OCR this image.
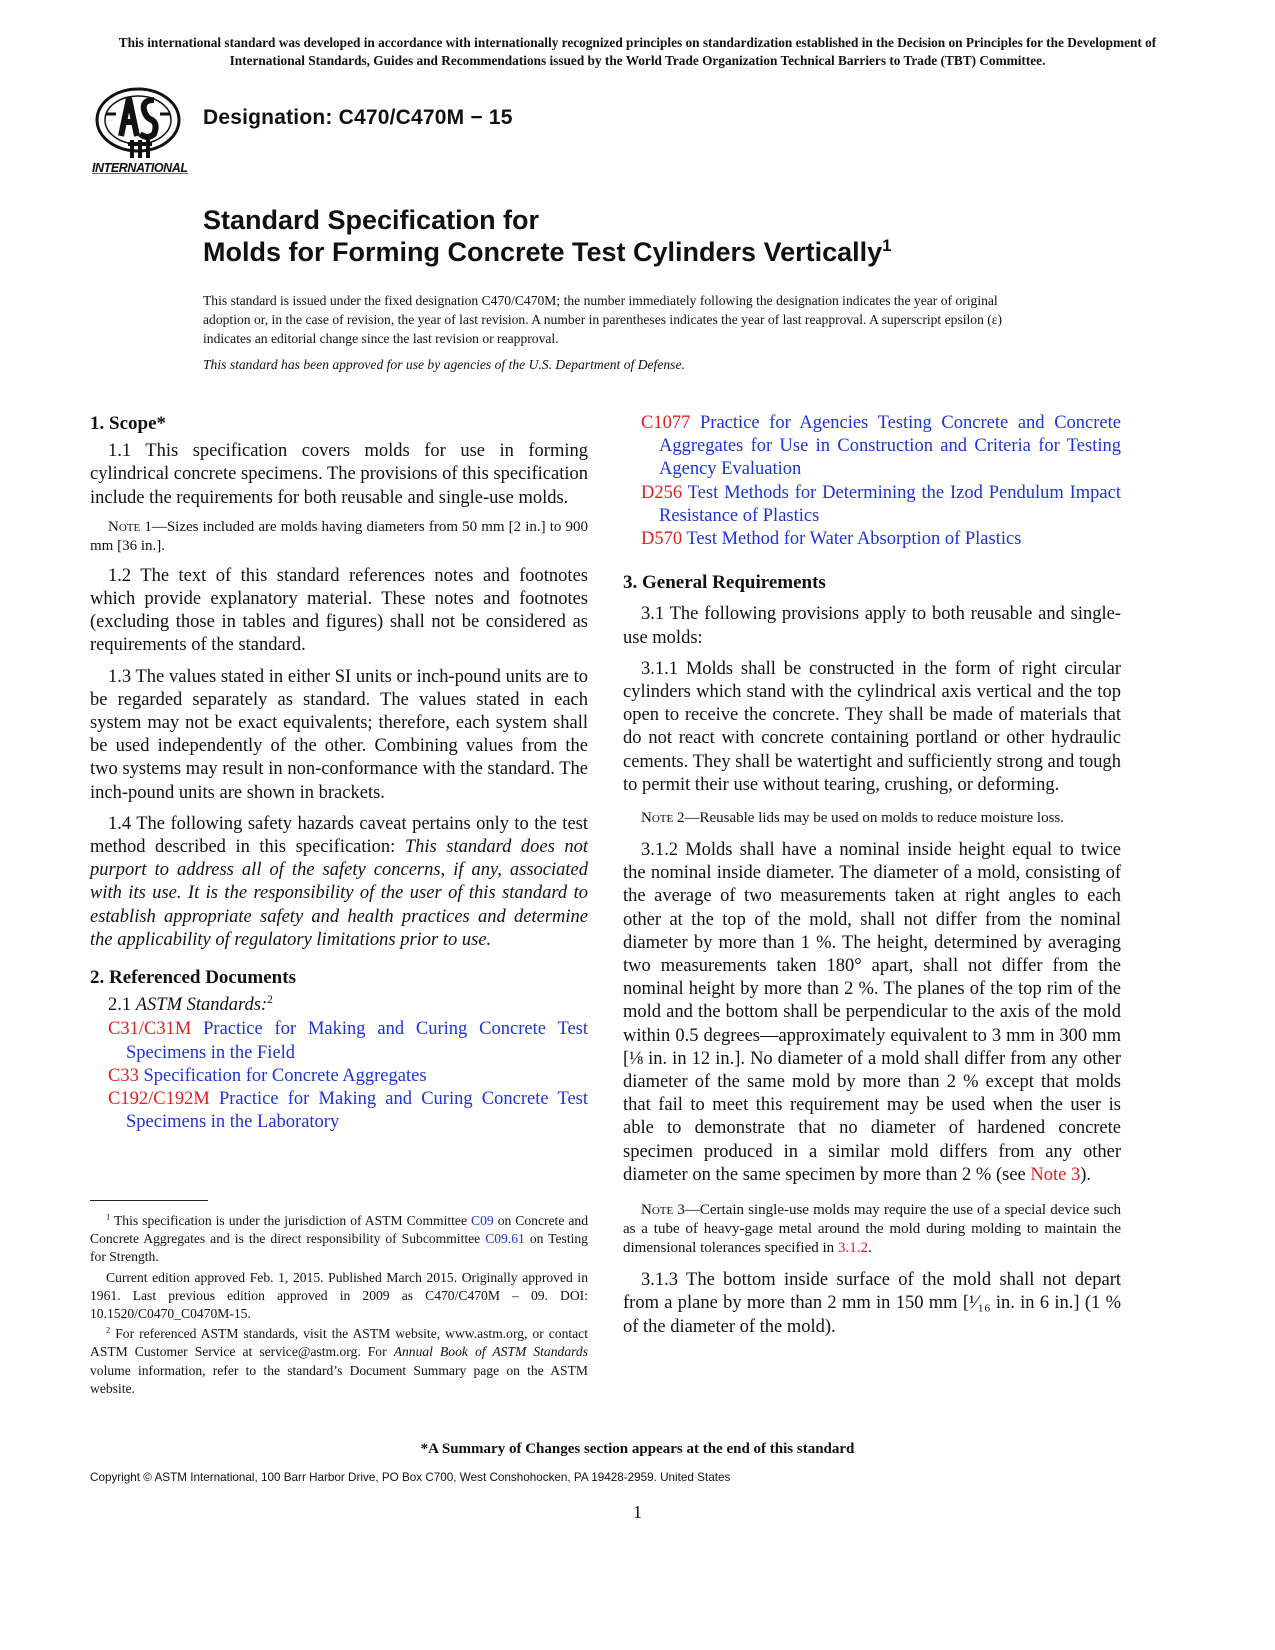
This international standard was developed in accordance with internationally recognized principles on standardization established in the Decision on Principles for the Development of International Standards, Guides and Recommendations issued by the World Trade Organization Technical Barriers to Trade (TBT) Committee.
INTERNATIONAL
Designation: C470/C470M − 15
Standard Specification for
Molds for Forming Concrete Test Cylinders Vertically$^1$
This standard is issued under the fixed designation C470/C470M; the number immediately following the designation indicates the year of original adoption or, in the case of revision, the year of last revision. A number in parentheses indicates the year of last reapproval. A superscript epsilon (ε) indicates an editorial change since the last revision or reapproval.
This standard has been approved for use by agencies of the U.S. Department of Defense.
1. Scope*

1.1 This specification covers molds for use in forming cylindrical concrete specimens. The provisions of this specification include the requirements for both reusable and single-use molds.

Note 1—Sizes included are molds having diameters from 50 mm [2 in.] to 900 mm [36 in.].

1.2 The text of this standard references notes and footnotes which provide explanatory material. These notes and footnotes (excluding those in tables and figures) shall not be considered as requirements of the standard.

1.3 The values stated in either SI units or inch-pound units are to be regarded separately as standard. The values stated in each system may not be exact equivalents; therefore, each system shall be used independently of the other. Combining values from the two systems may result in non-conformance with the standard. The inch-pound units are shown in brackets.

1.4 The following safety hazards caveat pertains only to the test method described in this specification: This standard does not purport to address all of the safety concerns, if any, associated with its use. It is the responsibility of the user of this standard to establish appropriate safety and health practices and determine the applicability of regulatory limitations prior to use.

2. Referenced Documents

2.1 ASTM Standards:$^2$

C31/C31M Practice for Making and Curing Concrete Test Specimens in the Field

C33 Specification for Concrete Aggregates

C192/C192M Practice for Making and Curing Concrete Test Specimens in the Laboratory

C1077 Practice for Agencies Testing Concrete and Concrete Aggregates for Use in Construction and Criteria for Testing Agency Evaluation

D256 Test Methods for Determining the Izod Pendulum Impact Resistance of Plastics

D570 Test Method for Water Absorption of Plastics

3. General Requirements

3.1 The following provisions apply to both reusable and single-use molds:

3.1.1 Molds shall be constructed in the form of right circular cylinders which stand with the cylindrical axis vertical and the top open to receive the concrete. They shall be made of materials that do not react with concrete containing portland or other hydraulic cements. They shall be watertight and sufficiently strong and tough to permit their use without tearing, crushing, or deforming.

Note 2—Reusable lids may be used on molds to reduce moisture loss.

3.1.2 Molds shall have a nominal inside height equal to twice the nominal inside diameter. The diameter of a mold, consisting of the average of two measurements taken at right angles to each other at the top of the mold, shall not differ from the nominal diameter by more than 1 %. The height, determined by averaging two measurements taken 180° apart, shall not differ from the nominal height by more than 2 %. The planes of the top rim of the mold and the bottom shall be perpendicular to the axis of the mold within 0.5 degrees—approximately equivalent to 3 mm in 300 mm [⅛ in. in 12 in.]. No diameter of a mold shall differ from any other diameter of the same mold by more than 2 % except that molds that fail to meet this requirement may be used when the user is able to demonstrate that no diameter of hardened concrete specimen produced in a similar mold differs from any other diameter on the same specimen by more than 2 % (see Note 3).

Note 3—Certain single-use molds may require the use of a special device such as a tube of heavy-gage metal around the mold during molding to maintain the dimensional tolerances specified in 3.1.2.

3.1.3 The bottom inside surface of the mold shall not depart from a plane by more than 2 mm in 150 mm [¹⁄₁₆ in. in 6 in.] (1 % of the diameter of the mold).

$^1$ This specification is under the jurisdiction of ASTM Committee C09 on Concrete and Concrete Aggregates and is the direct responsibility of Subcommittee C09.61 on Testing for Strength.

Current edition approved Feb. 1, 2015. Published March 2015. Originally approved in 1961. Last previous edition approved in 2009 as C470/C470M – 09. DOI: 10.1520/C0470_C0470M-15.

$^2$ For referenced ASTM standards, visit the ASTM website, www.astm.org, or contact ASTM Customer Service at service@astm.org. For Annual Book of ASTM Standards volume information, refer to the standard’s Document Summary page on the ASTM website.

*A Summary of Changes section appears at the end of this standard
Copyright © ASTM International, 100 Barr Harbor Drive, PO Box C700, West Conshohocken, PA 19428-2959. United States
1
